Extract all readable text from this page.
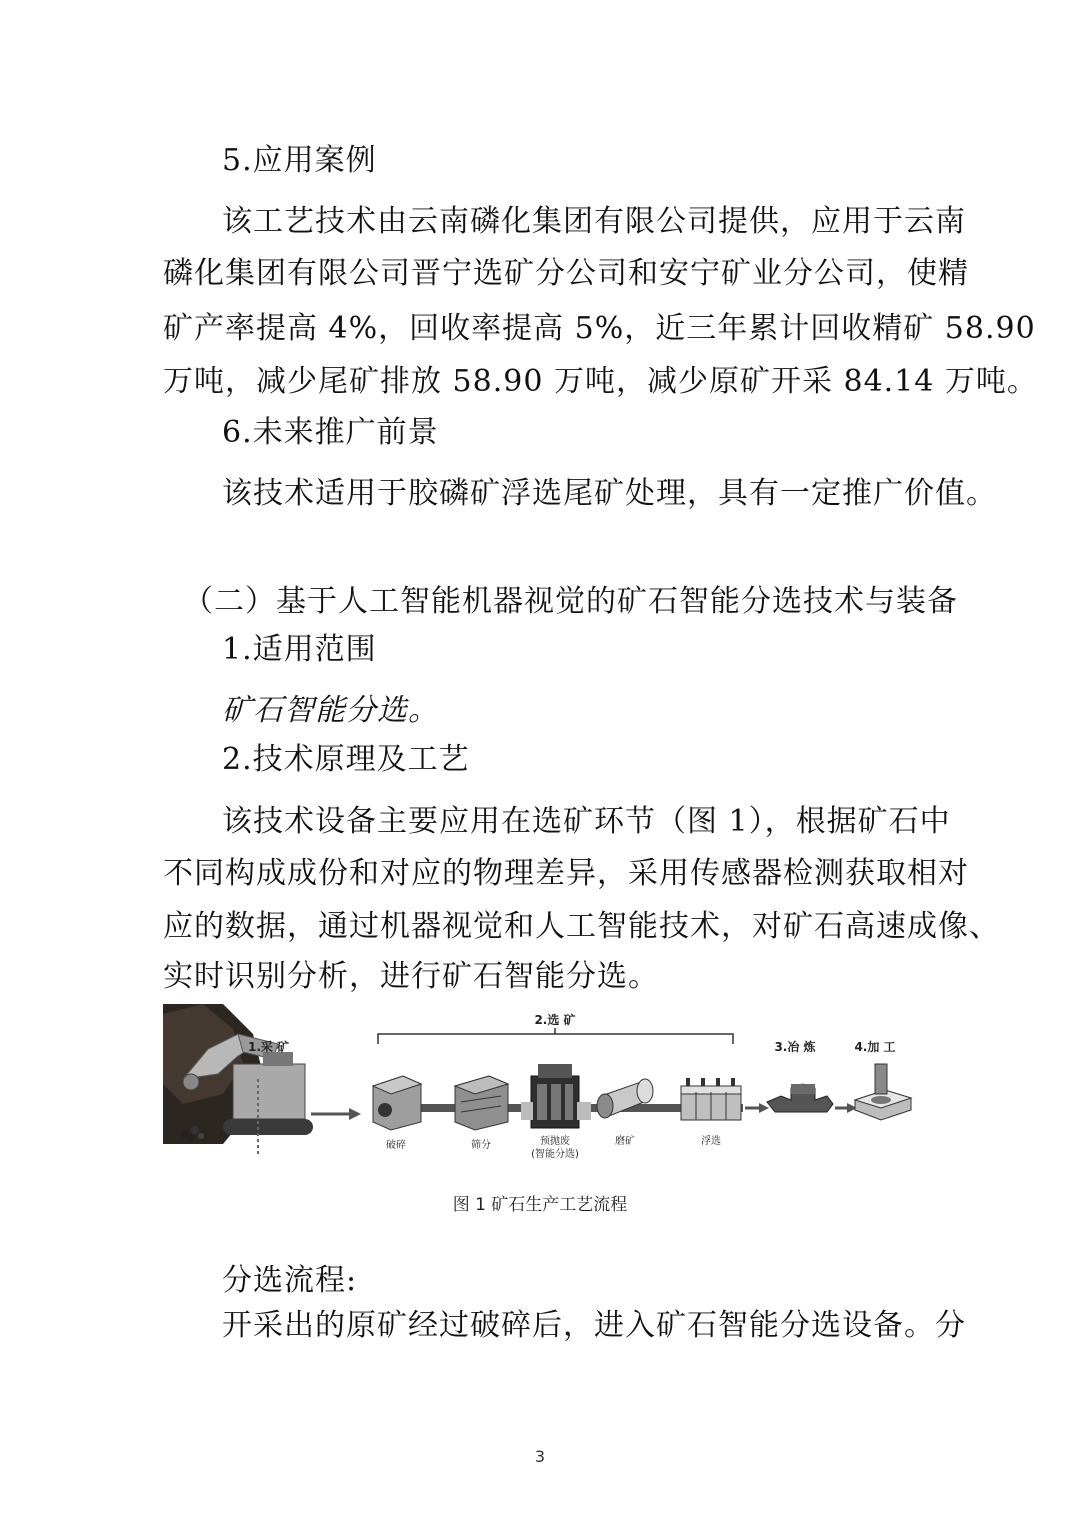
5.应用案例
该工艺技术由云南磷化集团有限公司提供，应用于云南
磷化集团有限公司晋宁选矿分公司和安宁矿业分公司，使精
矿产率提高 4%，回收率提高 5%，近三年累计回收精矿 58.90
万吨，减少尾矿排放 58.90 万吨，减少原矿开采 84.14 万吨。
6.未来推广前景
该技术适用于胶磷矿浮选尾矿处理，具有一定推广价值。
（二）基于人工智能机器视觉的矿石智能分选技术与装备
1.适用范围
矿石智能分选。
2.技术原理及工艺
该技术设备主要应用在选矿环节（图 1），根据矿石中
不同构成成份和对应的物理差异，采用传感器检测获取相对
应的数据，通过机器视觉和人工智能技术，对矿石高速成像、
实时识别分析，进行矿石智能分选。
1.采 矿
2.选 矿
破碎	筛分	预抛废
(智能分选)
磨矿	浮选
3.冶 炼	4.加 工
图 1 矿石生产工艺流程
分选流程:
开采出的原矿经过破碎后，进入矿石智能分选设备。分
3
